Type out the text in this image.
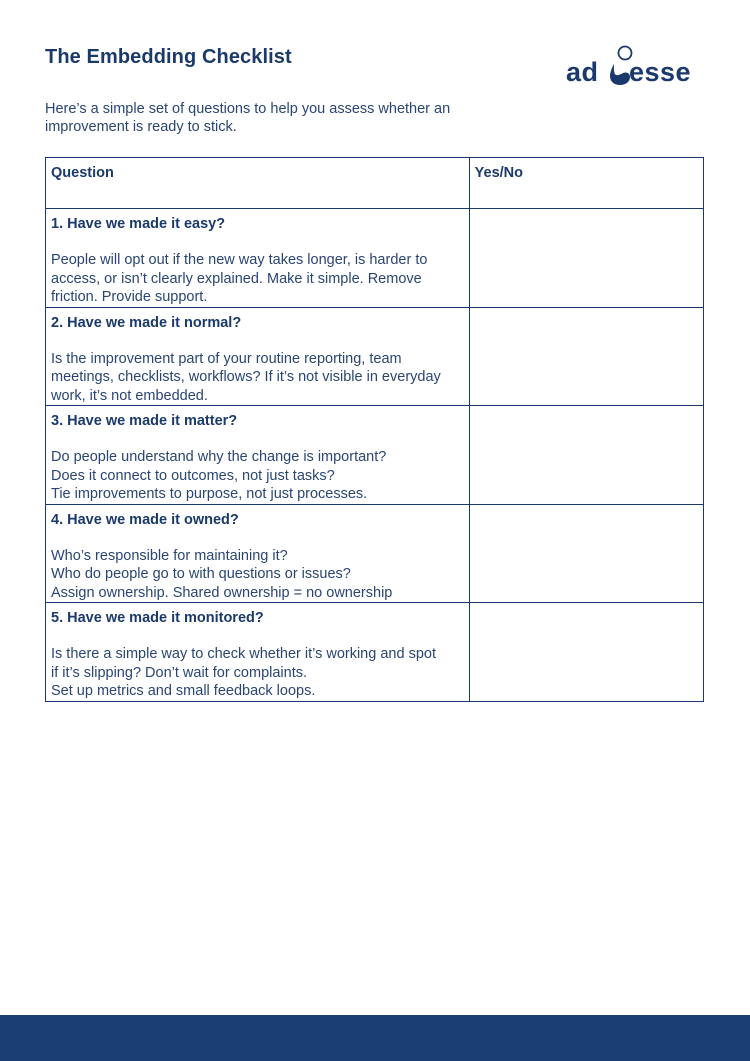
The Embedding Checklist	ad esse

Here’s a simple set of questions to help you assess whether an
improvement is ready to stick.

Question	Yes/No

1. Have we made it easy?

People will opt out if the new way takes longer, is harder to
access, or isn’t clearly explained. Make it simple. Remove
friction. Provide support.	

2. Have we made it normal?

Is the improvement part of your routine reporting, team
meetings, checklists, workflows? If it’s not visible in everyday
work, it’s not embedded.	

3. Have we made it matter?

Do people understand why the change is important?
Does it connect to outcomes, not just tasks?
Tie improvements to purpose, not just processes.	

4. Have we made it owned?

Who’s responsible for maintaining it?
Who do people go to with questions or issues?
Assign ownership. Shared ownership = no ownership	

5. Have we made it monitored?

Is there a simple way to check whether it’s working and spot
if it’s slipping? Don’t wait for complaints.
Set up metrics and small feedback loops.	
